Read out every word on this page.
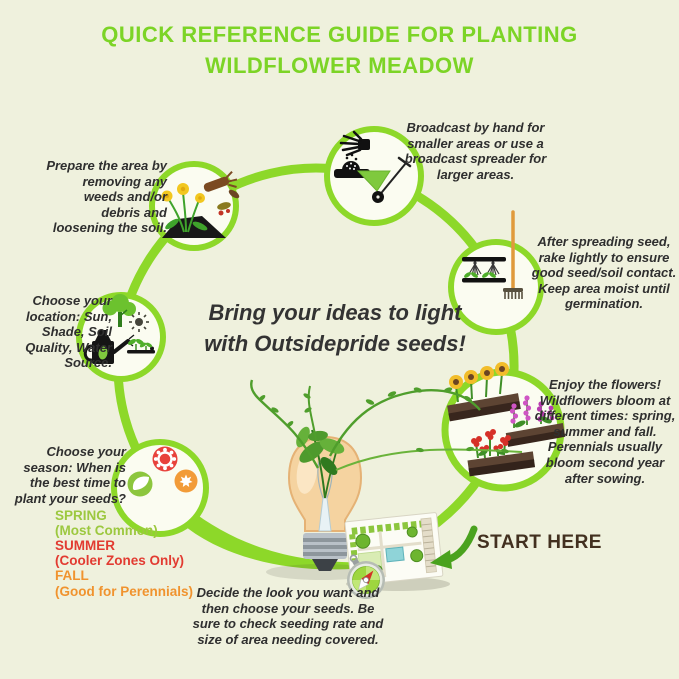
QUICK REFERENCE GUIDE FOR PLANTING WILDFLOWER MEADOW
Broadcast by hand for smaller areas or use a broadcast spreader for larger areas.
Prepare the area by removing any weeds and/or debris and loosening the soil.
After spreading seed, rake lightly to ensure good seed/soil contact. Keep area moist until germination.
Choose your location: Sun, Shade, Soil Quality, Water Source.
Enjoy the flowers! Wildflowers bloom at different times: spring, summer and fall. Perennials usually bloom second year after sowing.
Choose your season: When is the best time to plant your seeds?
SPRING
(Most Common)
SUMMER
(Cooler Zones Only)
FALL
(Good for Perennials)
Bring your ideas to light with Outsidepride seeds!
START HERE
Decide the look you want and then choose your seeds. Be sure to check seeding rate and size of area needing covered.
